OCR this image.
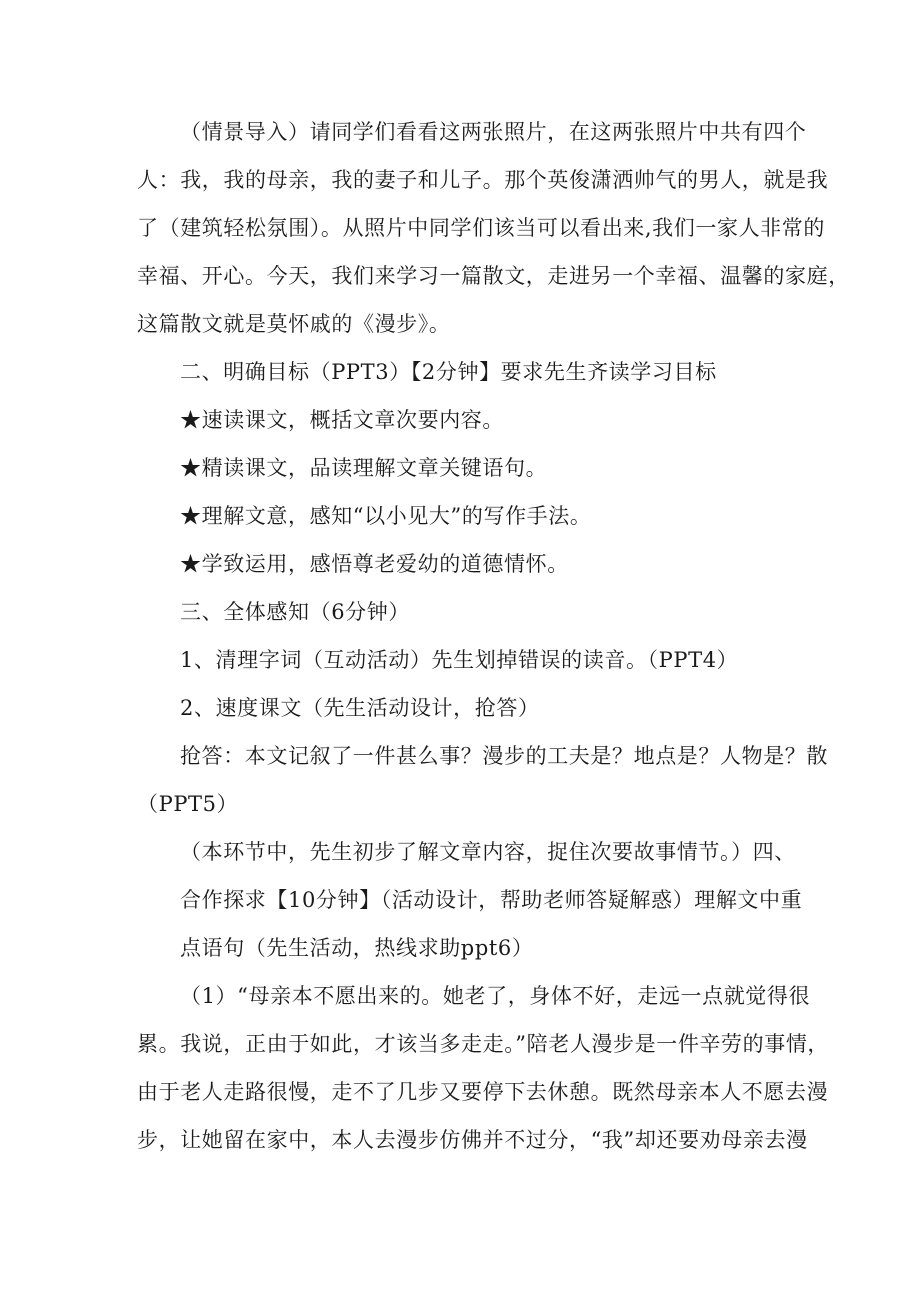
（情景导入）请同学们看看这两张照片，在这两张照片中共有四个
人：我，我的母亲，我的妻子和儿子。那个英俊潇洒帅气的男人，就是我
了（建筑轻松氛围）。从照片中同学们该当可以看出来,我们一家人非常的
幸福、开心。今天，我们来学习一篇散文，走进另一个幸福、温馨的家庭，
这篇散文就是莫怀戚的《漫步》。
二、明确目标（PPT3）【2分钟】要求先生齐读学习目标
★速读课文，概括文章次要内容。
★精读课文，品读理解文章关键语句。
★理解文意，感知“以小见大”的写作手法。
★学致运用，感悟尊老爱幼的道德情怀。
三、全体感知（6分钟）
1、清理字词（互动活动）先生划掉错误的读音。（PPT4）
2、速度课文（先生活动设计，抢答）
抢答：本文记叙了一件甚么事？漫步的工夫是？地点是？人物是？散
（PPT5）
（本环节中，先生初步了解文章内容，捉住次要故事情节。）四、
合作探求【10分钟】（活动设计，帮助老师答疑解惑）理解文中重
点语句（先生活动，热线求助ppt6）
（1）“母亲本不愿出来的。她老了，身体不好，走远一点就觉得很
累。我说，正由于如此，才该当多走走。”陪老人漫步是一件辛劳的事情，
由于老人走路很慢，走不了几步又要停下去休憩。既然母亲本人不愿去漫
步，让她留在家中，本人去漫步仿佛并不过分，“我”却还要劝母亲去漫
